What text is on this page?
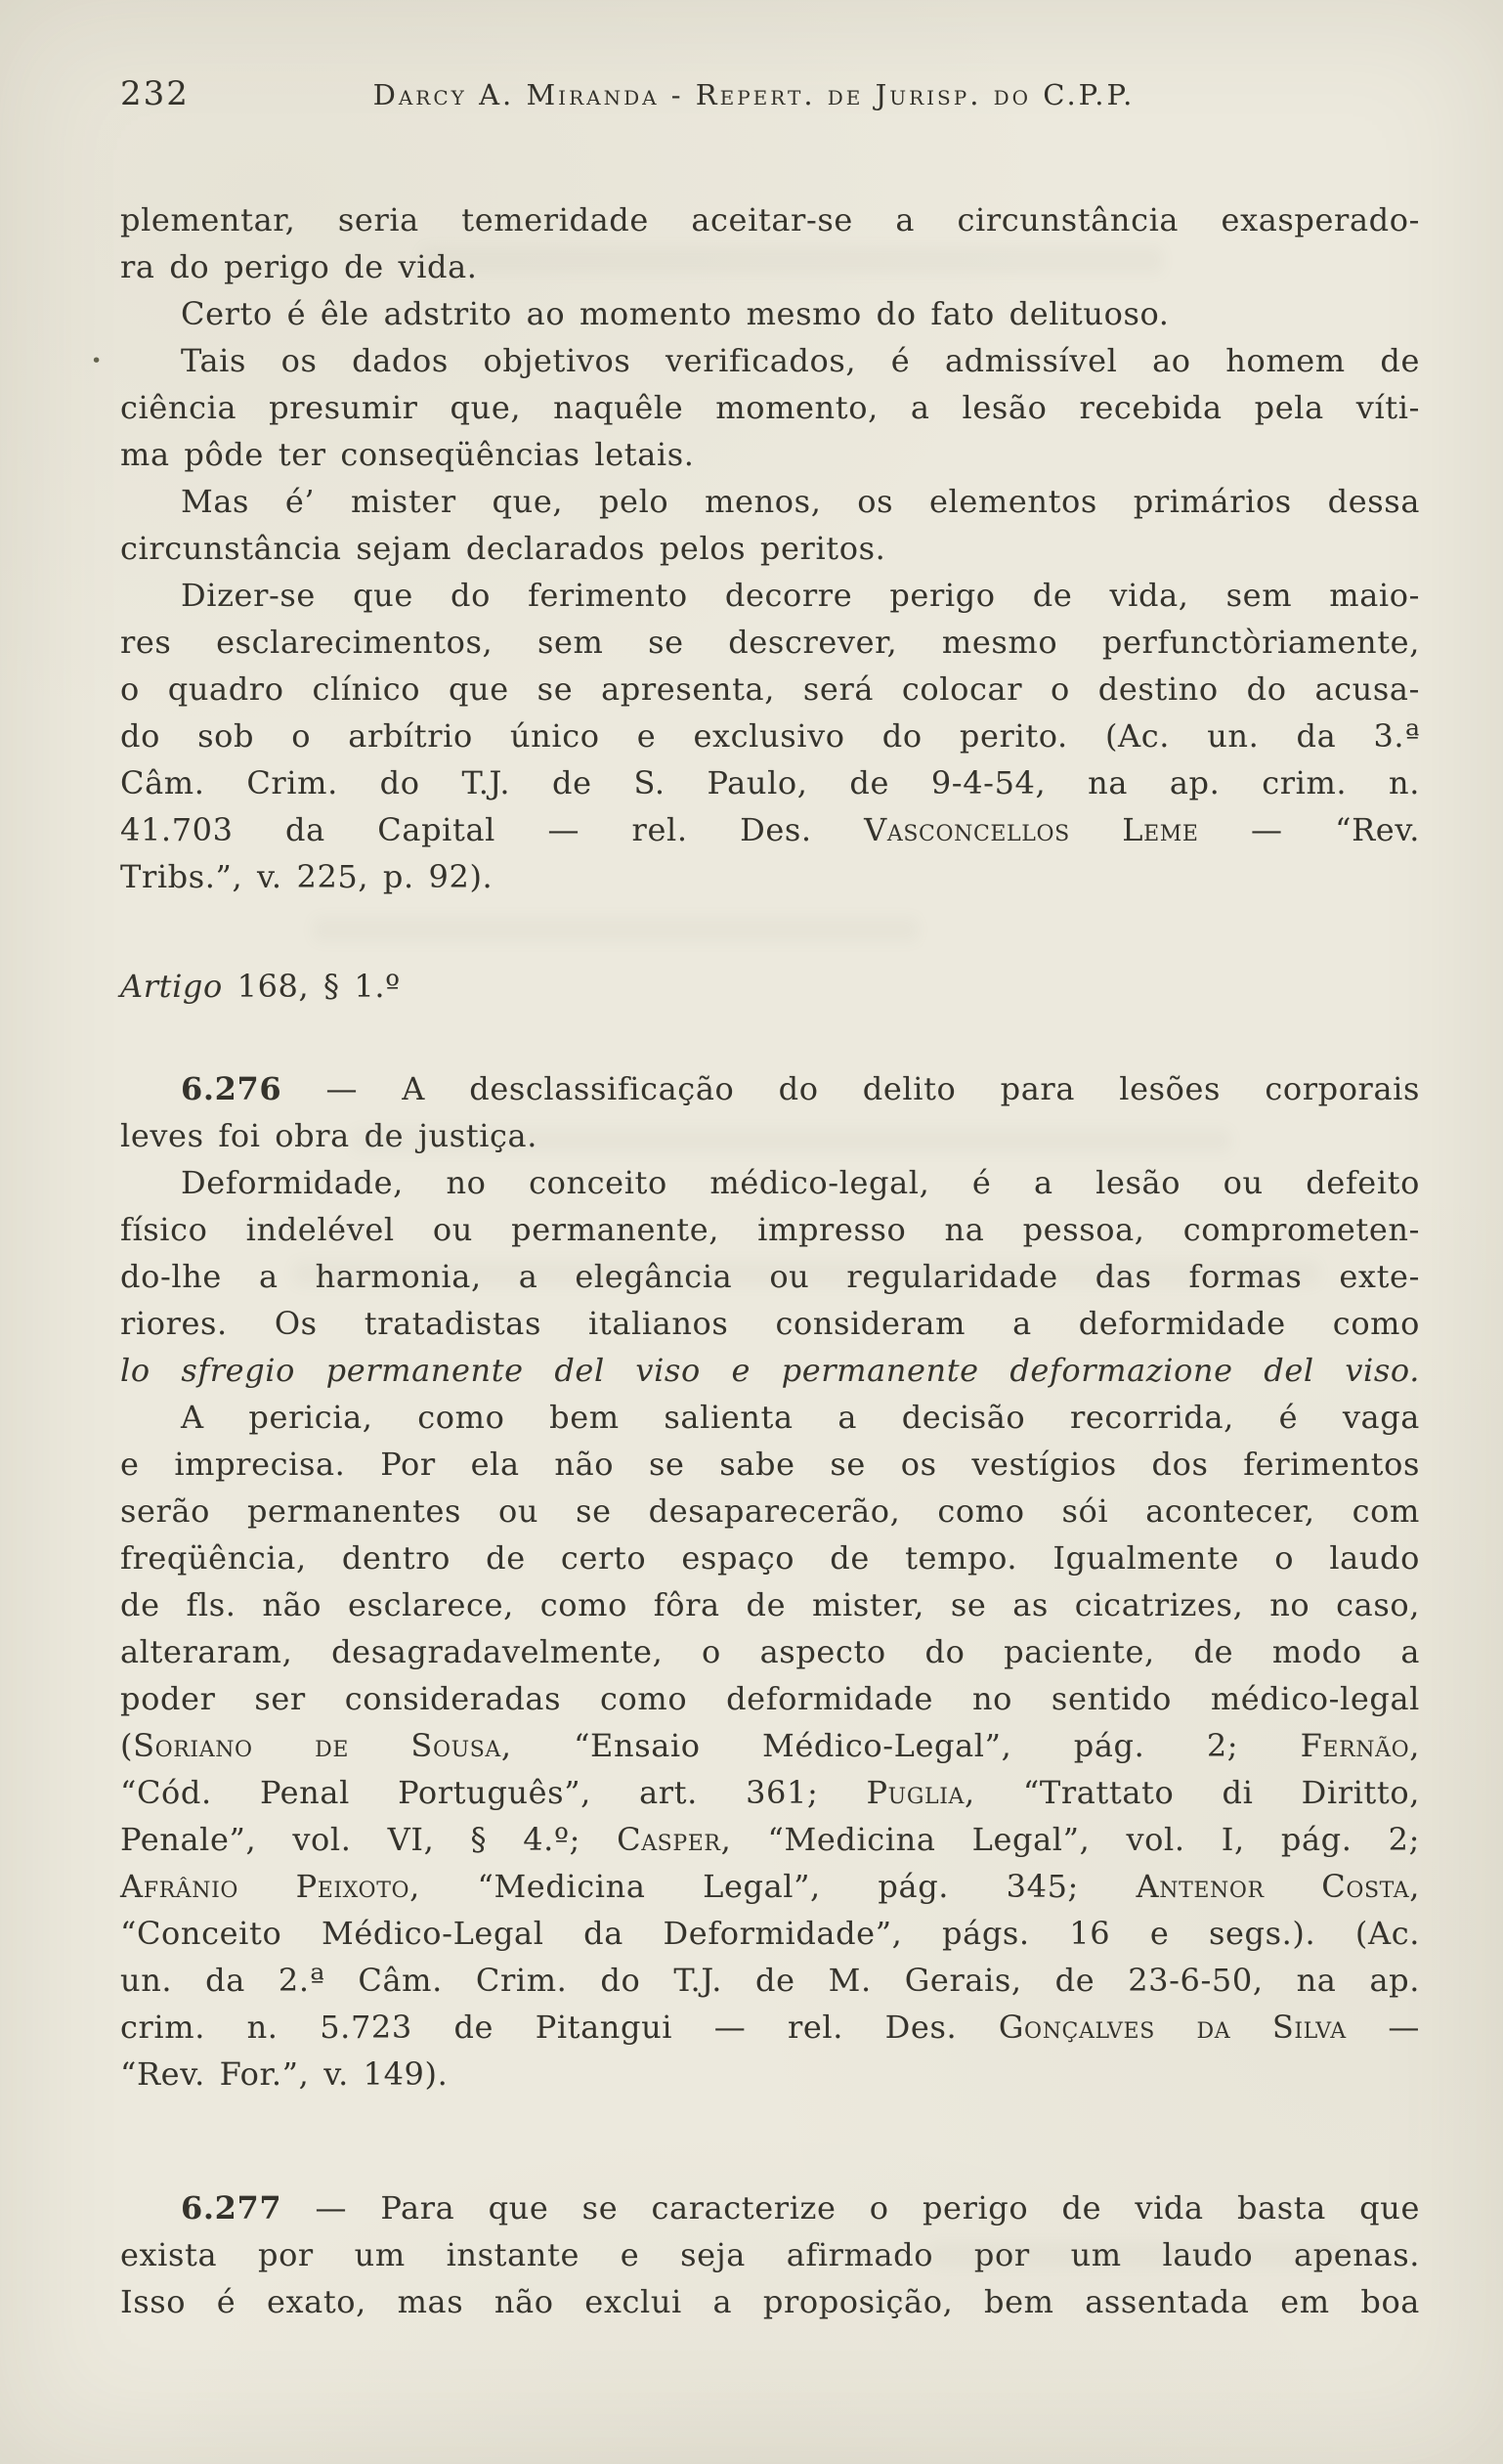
232	Darcy A. Miranda - Repert. de Jurisp. do C.P.P.
plementar, seria temeridade aceitar-se a circunstância exasperado-
ra do perigo de vida.
Certo é êle adstrito ao momento mesmo do fato delituoso.
•	Tais os dados objetivos verificados, é admissível ao homem de
ciência presumir que, naquêle momento, a lesão recebida pela víti-
ma pôde ter conseqüências letais.
Mas é’ mister que, pelo menos, os elementos primários dessa
circunstância sejam declarados pelos peritos.
Dizer-se que do ferimento decorre perigo de vida, sem maio-
res esclarecimentos, sem se descrever, mesmo perfunctòriamente,
o quadro clínico que se apresenta, será colocar o destino do acusa-
do sob o arbítrio único e exclusivo do perito. (Ac. un. da 3.ª
Câm. Crim. do T.J. de S. Paulo, de 9-4-54, na ap. crim. n.
41.703 da Capital — rel. Des. Vasconcellos Leme — “Rev.
Tribs.”, v. 225, p. 92).
Artigo 168, § 1.º
6.276 — A desclassificação do delito para lesões corporais
leves foi obra de justiça.
Deformidade, no conceito médico-legal, é a lesão ou defeito
físico indelével ou permanente, impresso na pessoa, comprometen-
do-lhe a harmonia, a elegância ou regularidade das formas exte-
riores. Os tratadistas italianos consideram a deformidade como
lo sfregio permanente del viso e permanente deformazione del viso.
A pericia, como bem salienta a decisão recorrida, é vaga
e imprecisa. Por ela não se sabe se os vestígios dos ferimentos
serão permanentes ou se desaparecerão, como sói acontecer, com
freqüência, dentro de certo espaço de tempo. Igualmente o laudo
de fls. não esclarece, como fôra de mister, se as cicatrizes, no caso,
alteraram, desagradavelmente, o aspecto do paciente, de modo a
poder ser consideradas como deformidade no sentido médico-legal
(Soriano de Sousa, “Ensaio Médico-Legal”, pág. 2; Fernão,
“Cód. Penal Português”, art. 361; Puglia, “Trattato di Diritto,
Penale”, vol. VI, § 4.º; Casper, “Medicina Legal”, vol. I, pág. 2;
Afrânio Peixoto, “Medicina Legal”, pág. 345; Antenor Costa,
“Conceito Médico-Legal da Deformidade”, págs. 16 e segs.). (Ac.
un. da 2.ª Câm. Crim. do T.J. de M. Gerais, de 23-6-50, na ap.
crim. n. 5.723 de Pitangui — rel. Des. Gonçalves da Silva —
“Rev. For.”, v. 149).
6.277 — Para que se caracterize o perigo de vida basta que
exista por um instante e seja afirmado por um laudo apenas.
Isso é exato, mas não exclui a proposição, bem assentada em boa
